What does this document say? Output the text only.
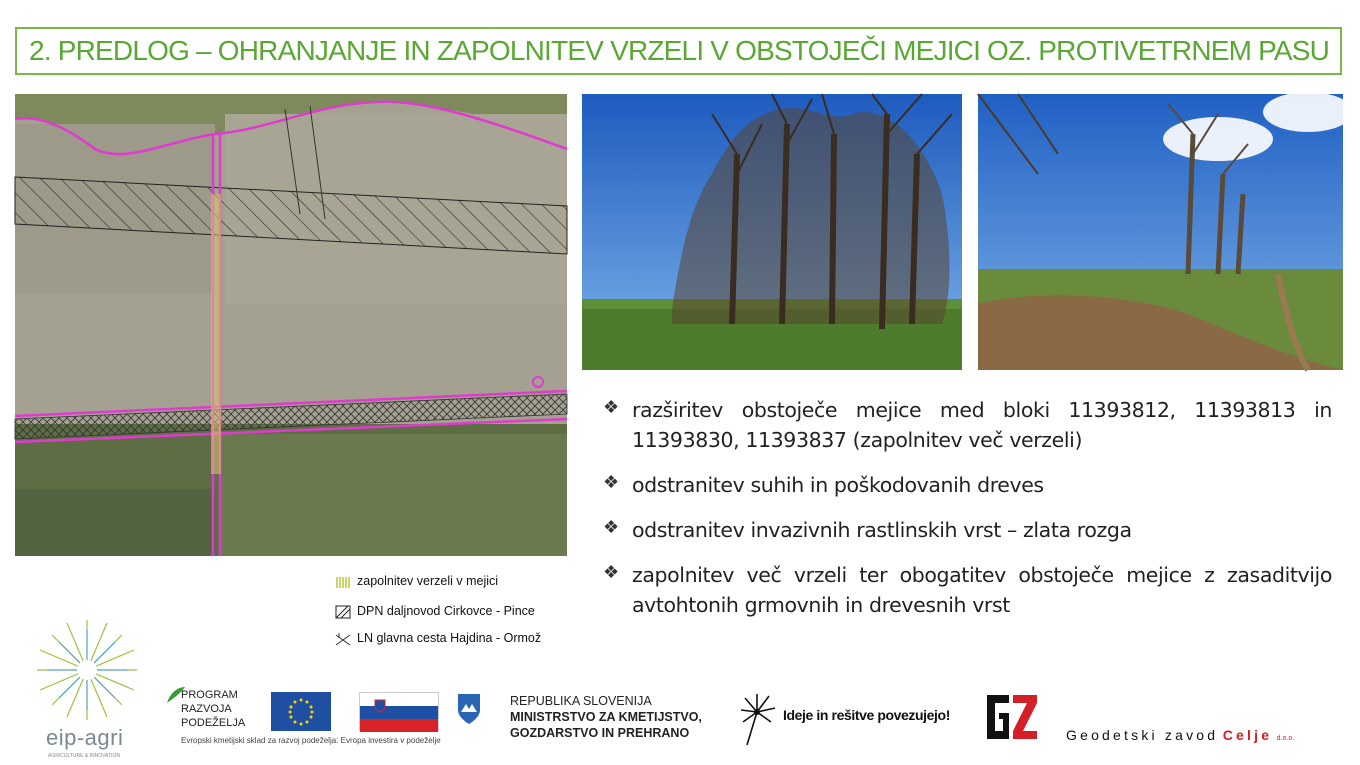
2. PREDLOG – OHRANJANJE IN ZAPOLNITEV VRZELI V OBSTOJEČI MEJICI OZ. PROTIVETRNEM PASU
zapolnitev verzeli v mejici
DPN daljnovod Cirkovce - Pince
LN glavna cesta Hajdina - Ormož
❖ razširitev obstoječe mejice med bloki 11393812, 11393813 in 11393830, 11393837 (zapolnitev več verzeli)
❖ odstranitev suhih in poškodovanih dreves
❖ odstranitev invazivnih rastlinskih vrst – zlata rozga
❖ zapolnitev več vrzeli ter obogatitev obstoječe mejice z zasaditvijo avtohtonih grmovnih in drevesnih vrst
eip-agri
AGRICULTURE & INNOVATION
PROGRAM
RAZVOJA
PODEŽELJA
Evropski kmetijski sklad za razvoj podeželja: Evropa investira v podeželje
REPUBLIKA SLOVENIJA
MINISTRSTVO ZA KMETIJSTVO,
GOZDARSTVO IN PREHRANO
Ideje in rešitve povezujejo!
Geodetski zavod Celje d.o.o.
